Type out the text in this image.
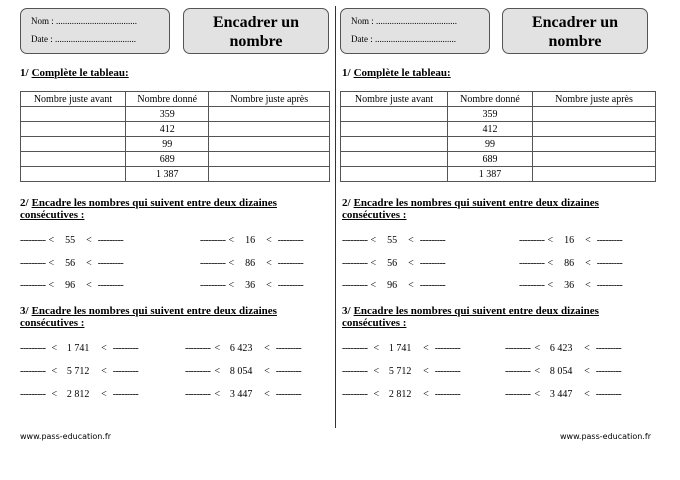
Nom : ....................................
Date : ....................................
Encadrer un
nombre
1/ Complète le tableau:
Nombre juste avant	Nombre donné	Nombre juste après
	359	
	412	
	99	
	689	
	1 387	
2/ Encadre les nombres qui suivent entre deux dizaines
consécutives :
--------- < 55 < ---------
--------- < 56 < ---------
--------- < 96 < ---------
--------- < 16 < ---------
--------- < 86 < ---------
--------- < 36 < ---------
3/ Encadre les nombres qui suivent entre deux dizaines
consécutives :
--------- < 1 741 < ---------
--------- < 5 712 < ---------
--------- < 2 812 < ---------
--------- < 6 423 < ---------
--------- < 8 054 < ---------
--------- < 3 447 < ---------
www.pass-education.fr
Nom : ....................................
Date : ....................................
Encadrer un
nombre
1/ Complète le tableau:
Nombre juste avant	Nombre donné	Nombre juste après
	359	
	412	
	99	
	689	
	1 387	
2/ Encadre les nombres qui suivent entre deux dizaines
consécutives :
--------- < 55 < ---------
--------- < 56 < ---------
--------- < 96 < ---------
--------- < 16 < ---------
--------- < 86 < ---------
--------- < 36 < ---------
3/ Encadre les nombres qui suivent entre deux dizaines
consécutives :
--------- < 1 741 < ---------
--------- < 5 712 < ---------
--------- < 2 812 < ---------
--------- < 6 423 < ---------
--------- < 8 054 < ---------
--------- < 3 447 < ---------
www.pass-education.fr
